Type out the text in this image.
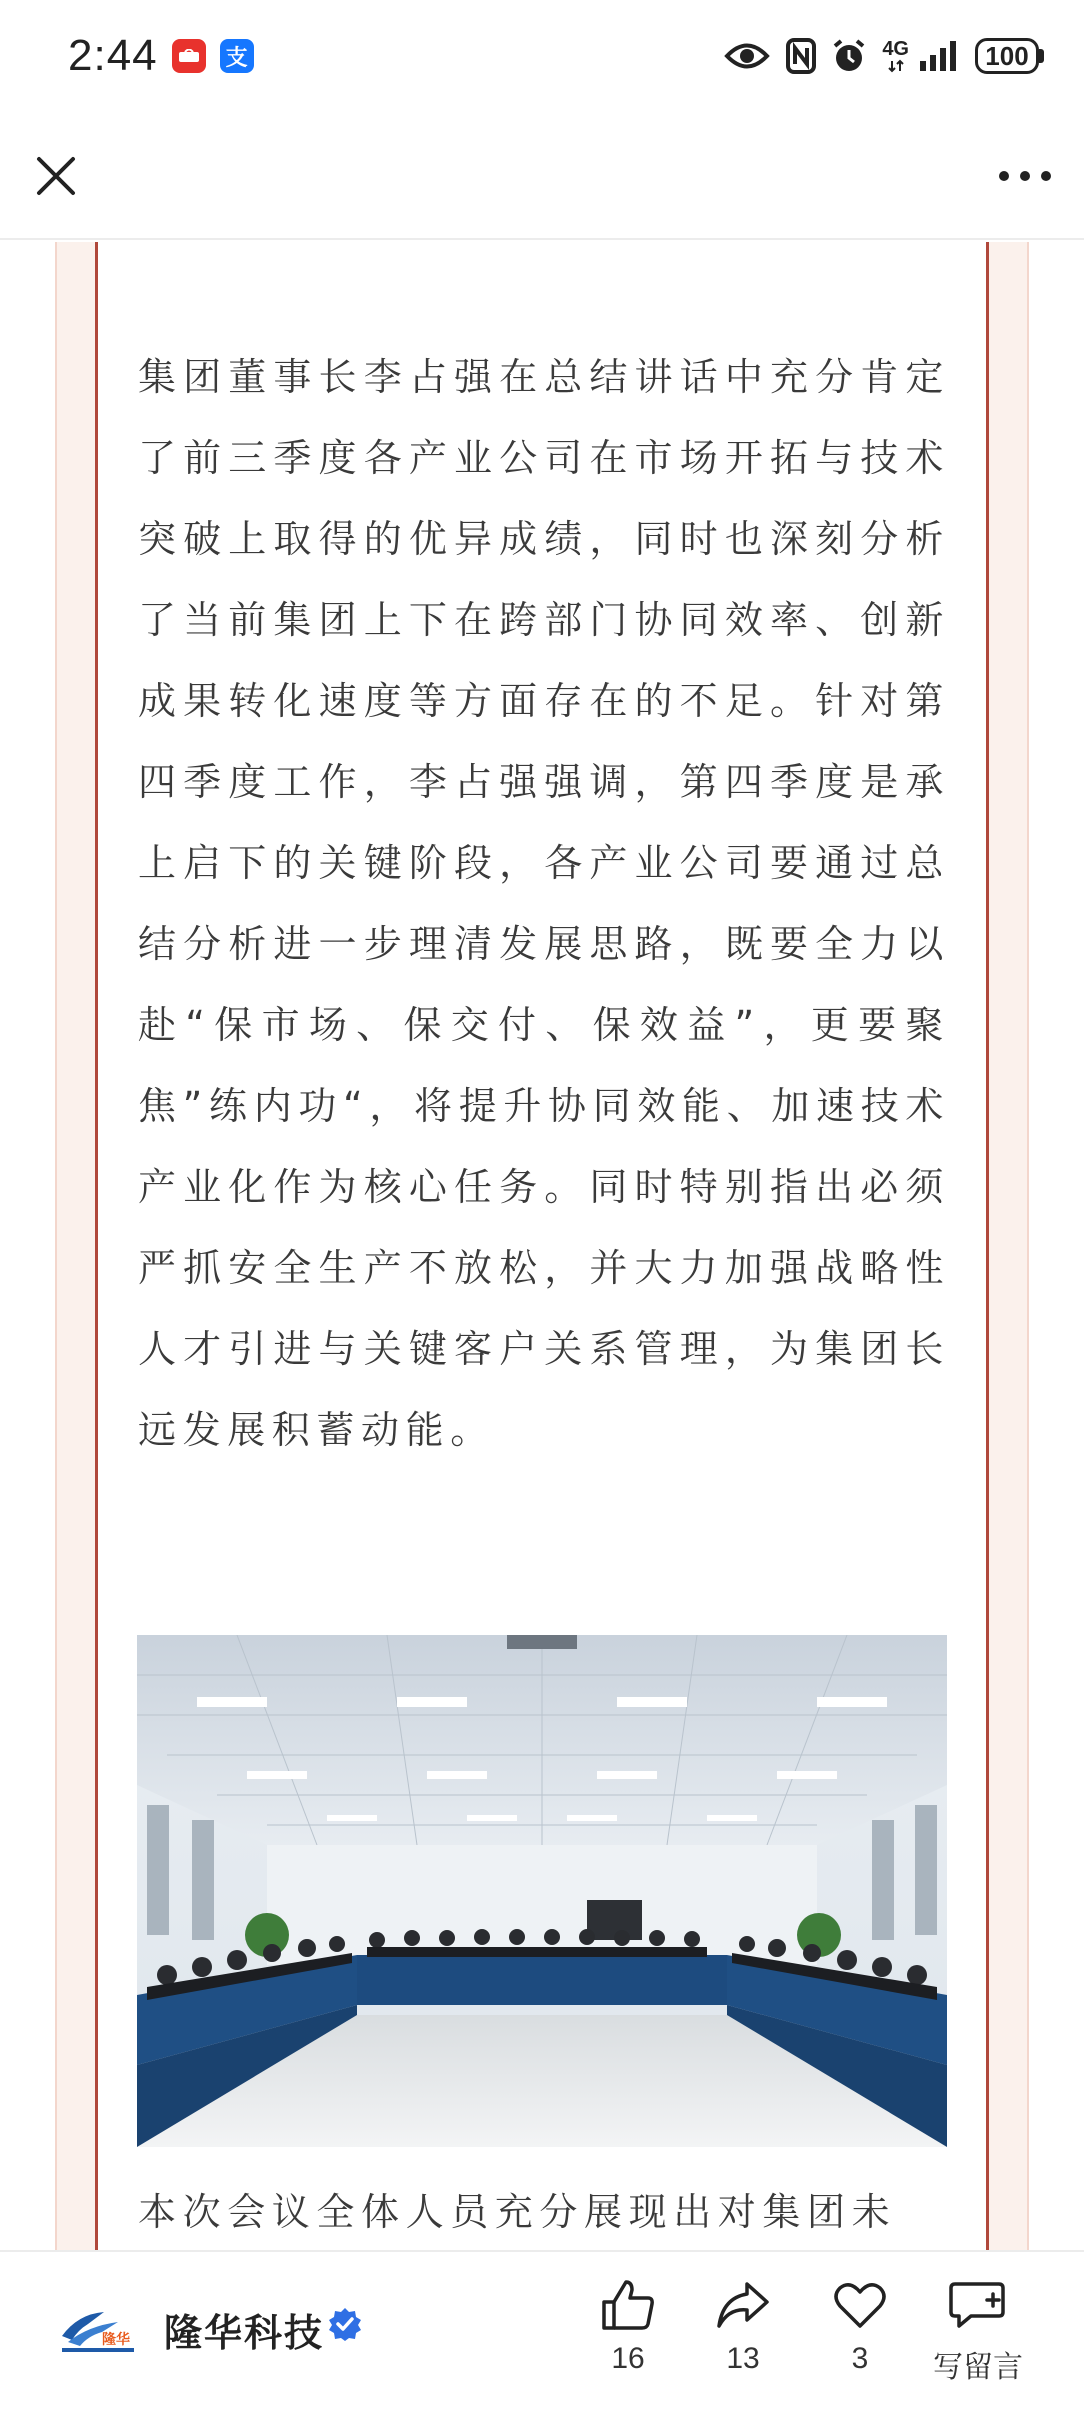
2:44	支	4G	100

集团董事长李占强在总结讲话中充分肯定了前三季度各产业公司在市场开拓与技术突破上取得的优异成绩，同时也深刻分析了当前集团上下在跨部门协同效率、创新成果转化速度等方面存在的不足。针对第四季度工作，李占强强调，第四季度是承上启下的关键阶段，各产业公司要通过总结分析进一步理清发展思路，既要全力以赴“保市场、保交付、保效益”，更要聚焦”练内功“，将提升协同效能、加速技术产业化作为核心任务。同时特别指出必须严抓安全生产不放松，并大力加强战略性人才引进与关键客户关系管理，为集团长远发展积蓄动能。

本次会议全体人员充分展现出对集团未

隆华 隆华科技
16	13	3 写留言
